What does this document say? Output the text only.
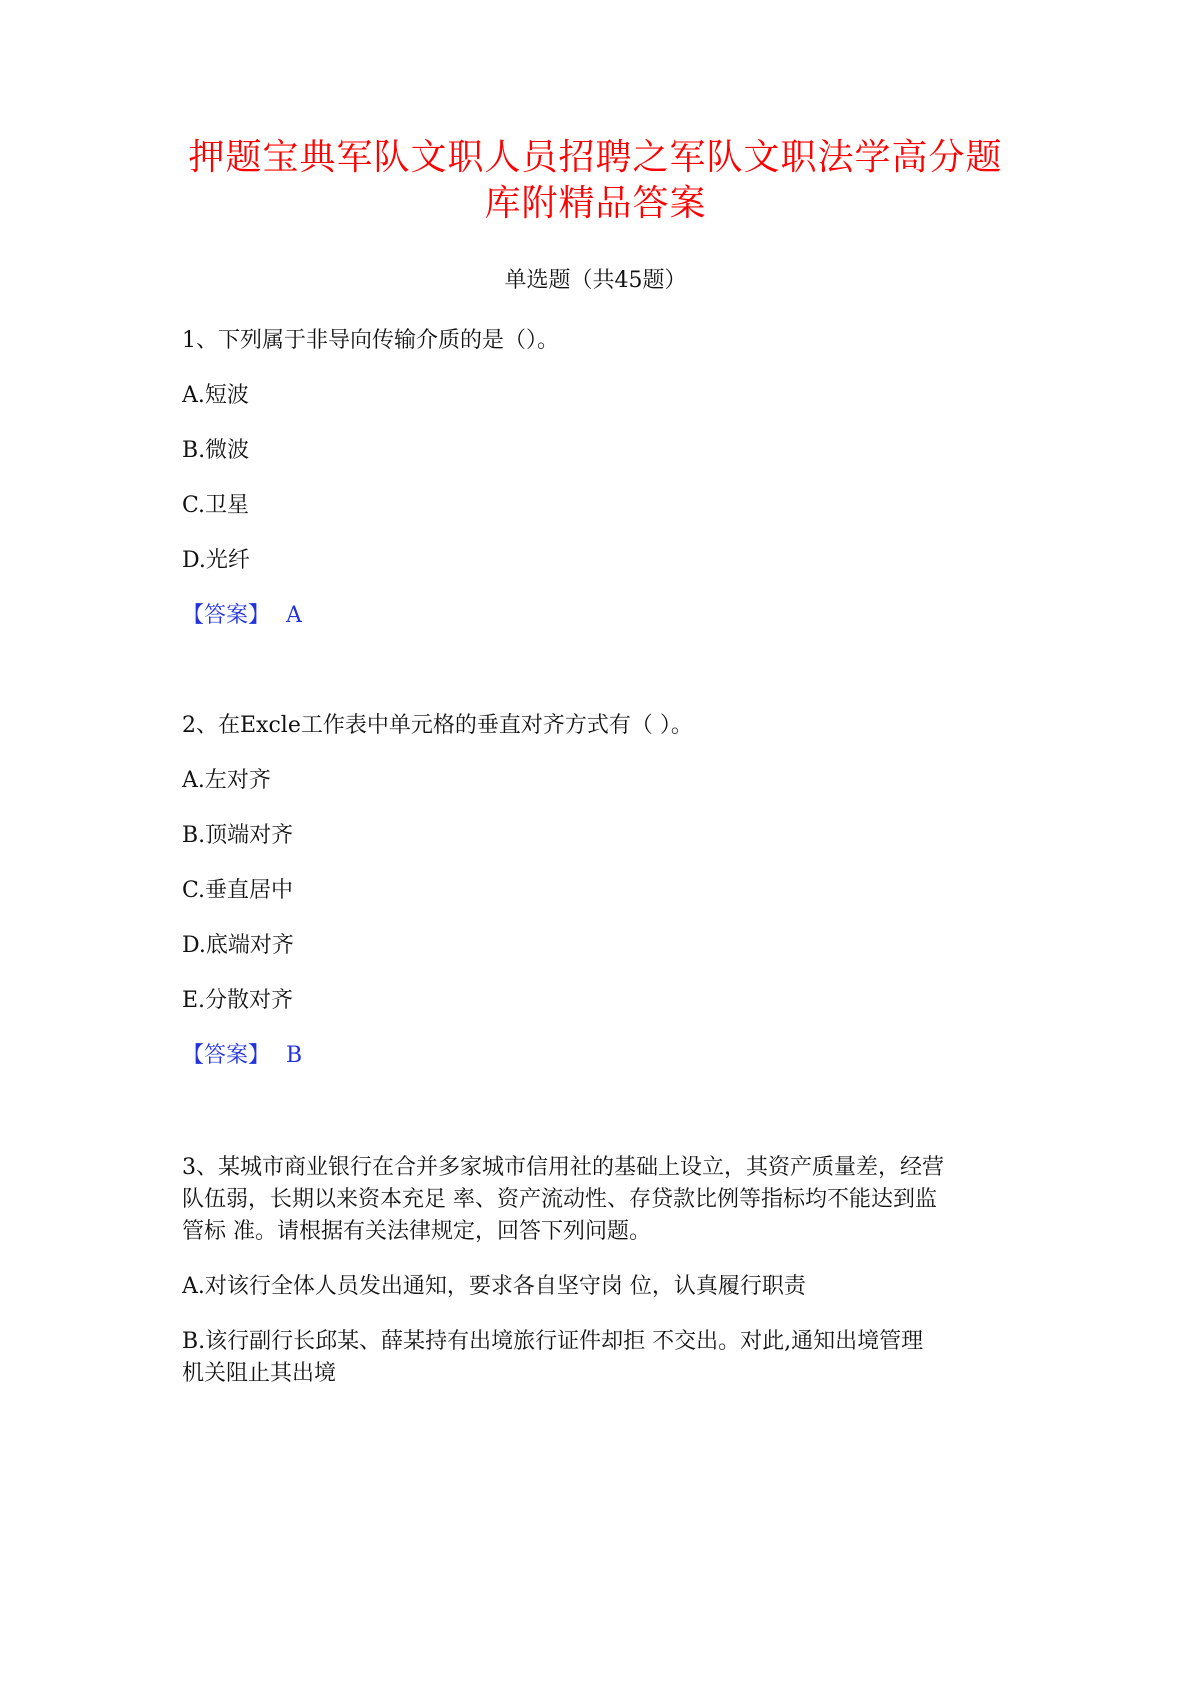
押题宝典军队文职人员招聘之军队文职法学高分题
库附精品答案
单选题（共45题）
1、下列属于非导向传输介质的是（）。
A.短波
B.微波
C.卫星
D.光纤
【答案】 A
2、在Excle工作表中单元格的垂直对齐方式有（ ）。
A.左对齐
B.顶端对齐
C.垂直居中
D.底端对齐
E.分散对齐
【答案】 B
3、某城市商业银行在合并多家城市信用社的基础上设立，其资产质量差，经营
队伍弱，长期以来资本充足 率、资产流动性、存贷款比例等指标均不能达到监
管标 准。请根据有关法律规定，回答下列问题。
A.对该行全体人员发出通知，要求各自坚守岗 位，认真履行职责
B.该行副行长邱某、薛某持有出境旅行证件却拒 不交出。对此,通知出境管理
机关阻止其出境
